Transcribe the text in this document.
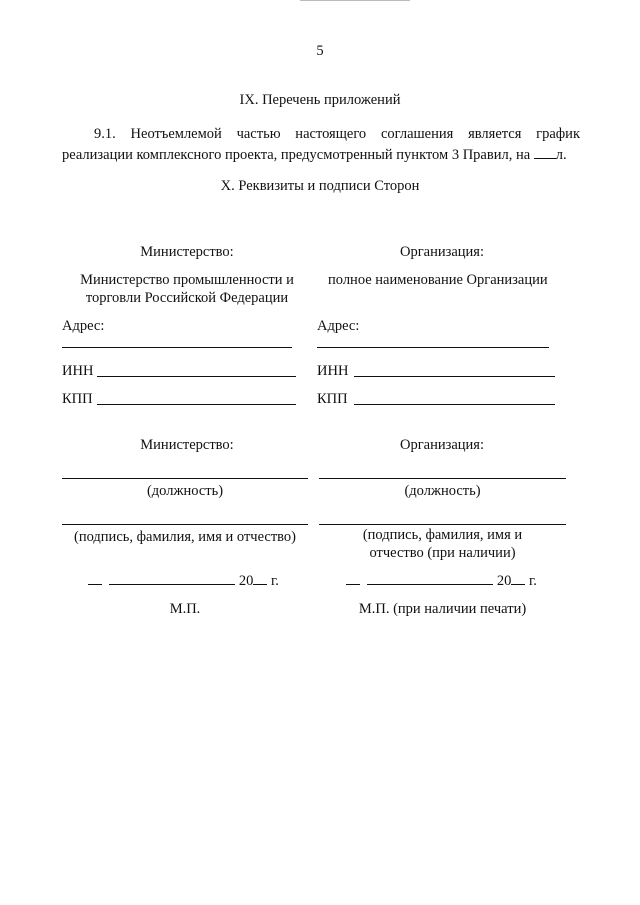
5
IX. Перечень приложений
9.1. Неотъемлемой частью настоящего соглашения является график
реализации комплексного проекта, предусмотренный пунктом 3 Правил, на л.
X. Реквизиты и подписи Сторон
Министерство:
Министерство промышленности и
торговли Российской Федерации
Адрес:
ИНН
КПП
Организация:
полное наименование Организации
Адрес:
ИНН
КПП
Министерство:
(должность)
(подпись, фамилия, имя и отчество)
20 г.
М.П.
Организация:
(должность)
(подпись, фамилия, имя и
отчество (при наличии)
20 г.
М.П. (при наличии печати)
